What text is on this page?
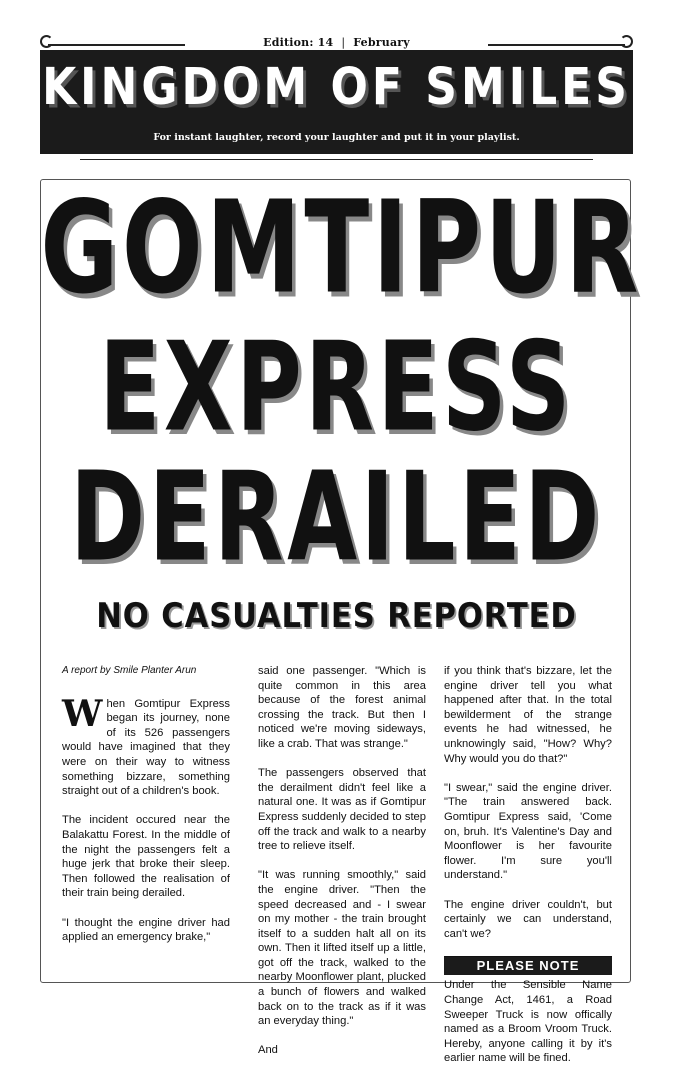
Edition: 14 | February
KINGDOM OF SMILES
For instant laughter, record your laughter and put it in your playlist.
GOMTIPUR
EXPRESS
DERAILED
NO CASUALTIES REPORTED
A report by Smile Planter Arun

When Gomtipur Express began its journey, none of its 526 passengers would have imagined that they were on their way to witness something bizzare, something straight out of a children's book.

The incident occured near the Balakattu Forest. In the middle of the night the passengers felt a huge jerk that broke their sleep. Then followed the realisation of their train being derailed.

"I thought the engine driver had applied an emergency brake,"

said one passenger. "Which is quite common in this area because of the forest animal crossing the track. But then I noticed we're moving sideways, like a crab. That was strange."

The passengers observed that the derailment didn't feel like a natural one. It was as if Gomtipur Express suddenly decided to step off the track and walk to a nearby tree to relieve itself.

"It was running smoothly," said the engine driver. "Then the speed decreased and - I swear on my mother - the train brought itself to a sudden halt all on its own. Then it lifted itself up a little, got off the track, walked to the nearby Moonflower plant, plucked a bunch of flowers and walked back on to the track as if it was an everyday thing."

And

if you think that's bizzare, let the engine driver tell you what happened after that. In the total bewilderment of the strange events he had witnessed, he unknowingly said, "How? Why? Why would you do that?"

"I swear," said the engine driver. "The train answered back. Gomtipur Express said, 'Come on, bruh. It's Valentine's Day and Moonflower is her favourite flower. I'm sure you'll understand."

The engine driver couldn't, but certainly we can understand, can't we?

PLEASE NOTE

Under the Sensible Name Change Act, 1461, a Road Sweeper Truck is now offically named as a Broom Vroom Truck. Hereby, anyone calling it by it's earlier name will be fined.
